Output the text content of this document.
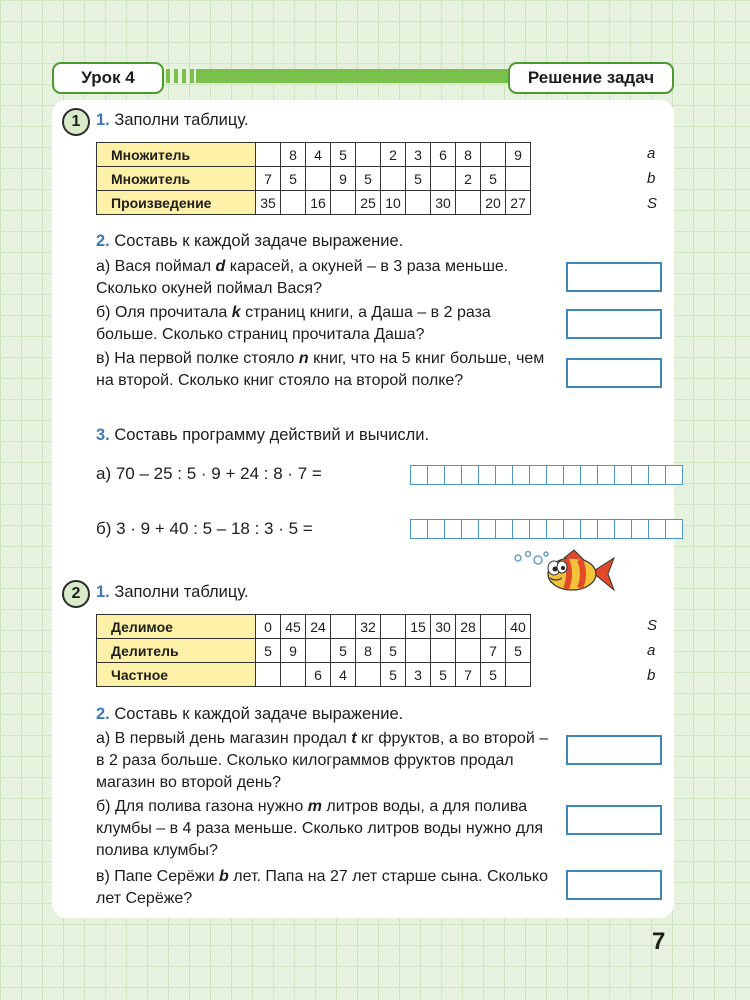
Урок 4	Решение задач
1 1. Заполни таблицу.
Множитель		8	4	5		2	3	6	8		9
Множитель	7	5		9	5		5		2	5	
Произведение	35		16		25	10		30		20	27
a
b
S
2. Составь к каждой задаче выражение.
а) Вася поймал d карасей, а окуней – в 3 раза меньше. Сколько окуней поймал Вася?
б) Оля прочитала k страниц книги, а Даша – в 2 раза больше. Сколько страниц прочитала Даша?
в) На первой полке стояло n книг, что на 5 книг больше, чем на второй. Сколько книг стояло на второй полке?
3. Составь программу действий и вычисли.
а) 70 – 25 : 5 · 9 + 24 : 8 · 7 =
б) 3 · 9 + 40 : 5 – 18 : 3 · 5 =
2 1. Заполни таблицу.
Делимое	0	45	24		32		15	30	28		40
Делитель	5	9		5	8	5				7	5
Частное			6	4		5	3	5	7	5	
S
a
b
2. Составь к каждой задаче выражение.
а) В первый день магазин продал t кг фруктов, а во второй – в 2 раза больше. Сколько килограммов фруктов продал магазин во второй день?
б) Для полива газона нужно m литров воды, а для полива клумбы – в 4 раза меньше. Сколько литров воды нужно для полива клумбы?
в) Папе Серёжи b лет. Папа на 27 лет старше сына. Сколько лет Серёже?
7
